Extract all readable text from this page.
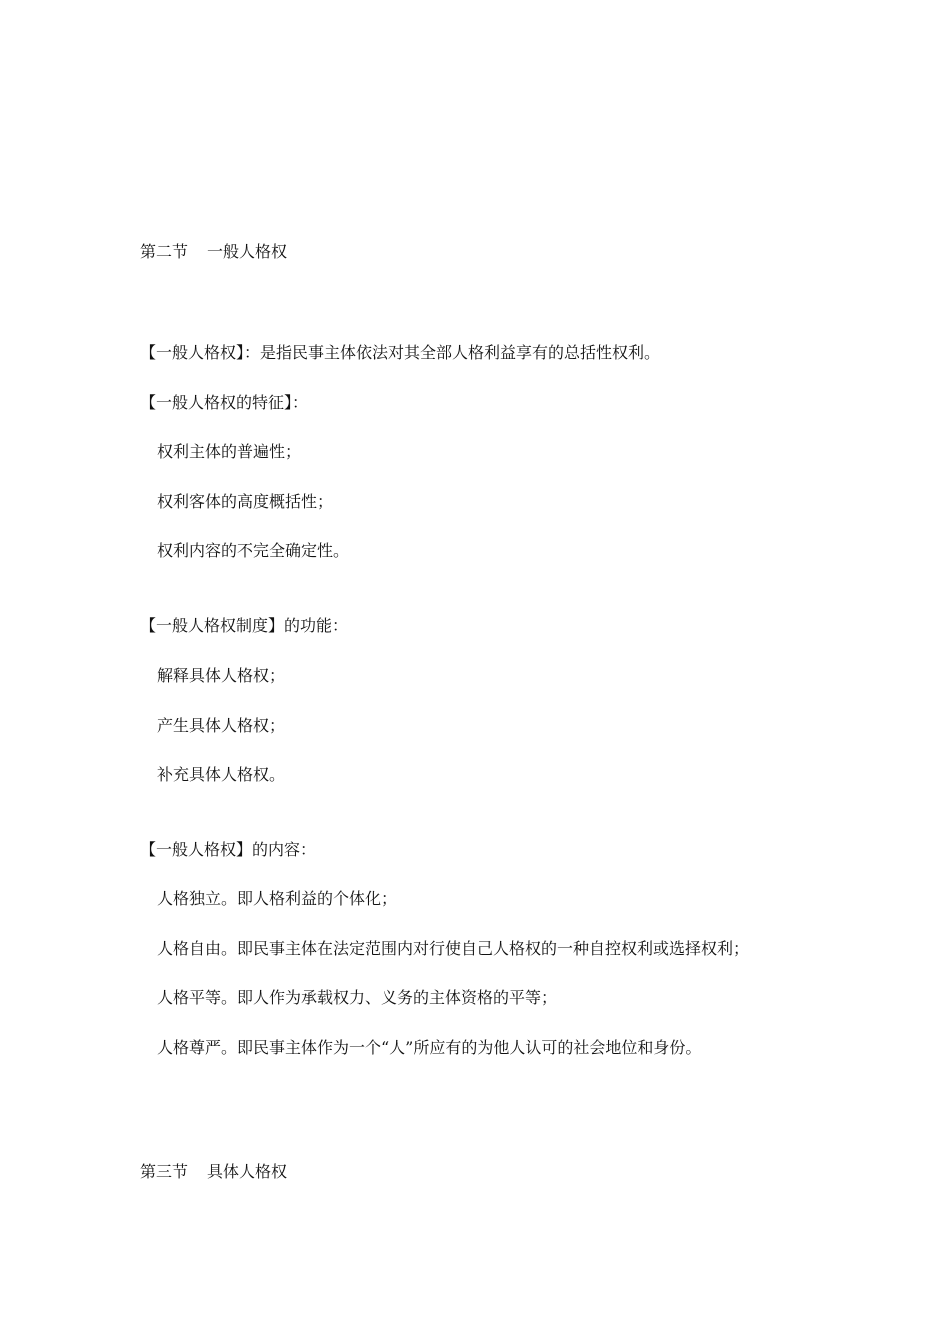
第二节 一般人格权
【一般人格权】：是指民事主体依法对其全部人格利益享有的总括性权利。
【一般人格权的特征】：
权利主体的普遍性；
权利客体的高度概括性；
权利内容的不完全确定性。
【一般人格权制度】的功能：
解释具体人格权；
产生具体人格权；
补充具体人格权。
【一般人格权】的内容：
人格独立。即人格利益的个体化；
人格自由。即民事主体在法定范围内对行使自己人格权的一种自控权利或选择权利；
人格平等。即人作为承载权力、义务的主体资格的平等；
人格尊严。即民事主体作为一个“人”所应有的为他人认可的社会地位和身份。
第三节 具体人格权
